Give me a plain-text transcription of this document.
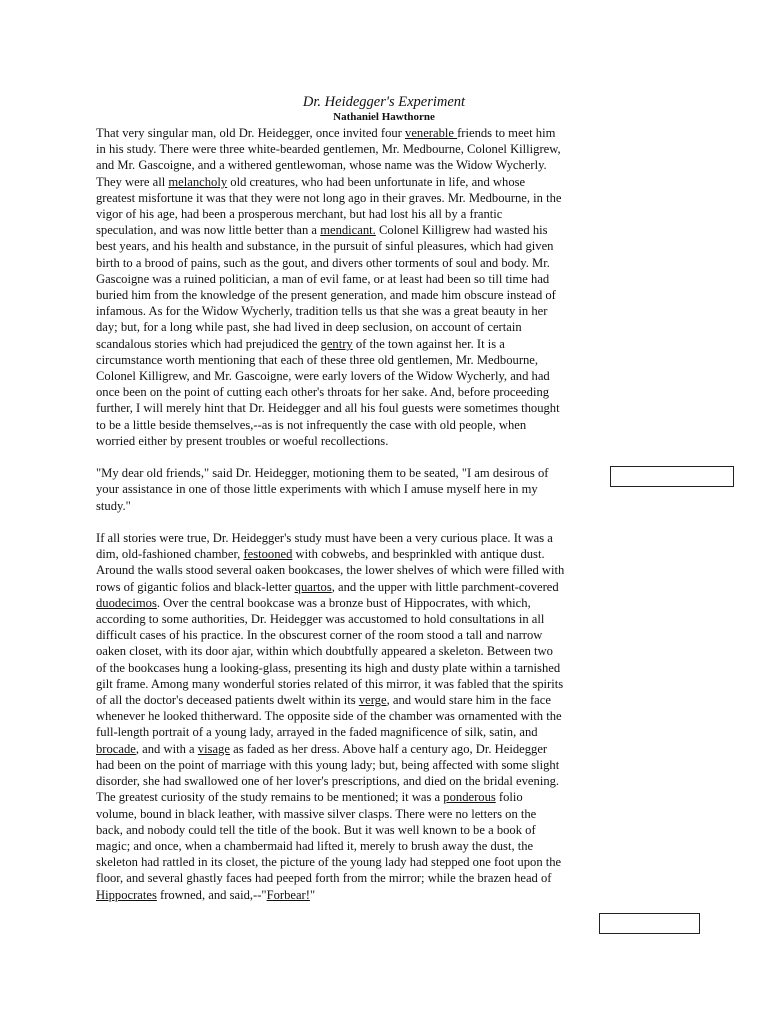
Dr. Heidegger's Experiment
Nathaniel Hawthorne
That very singular man, old Dr. Heidegger, once invited four venerable friends to meet him
in his study. There were three white-bearded gentlemen, Mr. Medbourne, Colonel Killigrew,
and Mr. Gascoigne, and a withered gentlewoman, whose name was the Widow Wycherly.
They were all melancholy old creatures, who had been unfortunate in life, and whose
greatest misfortune it was that they were not long ago in their graves. Mr. Medbourne, in the
vigor of his age, had been a prosperous merchant, but had lost his all by a frantic
speculation, and was now little better than a mendicant. Colonel Killigrew had wasted his
best years, and his health and substance, in the pursuit of sinful pleasures, which had given
birth to a brood of pains, such as the gout, and divers other torments of soul and body. Mr.
Gascoigne was a ruined politician, a man of evil fame, or at least had been so till time had
buried him from the knowledge of the present generation, and made him obscure instead of
infamous. As for the Widow Wycherly, tradition tells us that she was a great beauty in her
day; but, for a long while past, she had lived in deep seclusion, on account of certain
scandalous stories which had prejudiced the gentry of the town against her. It is a
circumstance worth mentioning that each of these three old gentlemen, Mr. Medbourne,
Colonel Killigrew, and Mr. Gascoigne, were early lovers of the Widow Wycherly, and had
once been on the point of cutting each other's throats for her sake. And, before proceeding
further, I will merely hint that Dr. Heidegger and all his foul guests were sometimes thought
to be a little beside themselves,--as is not infrequently the case with old people, when
worried either by present troubles or woeful recollections.
"My dear old friends," said Dr. Heidegger, motioning them to be seated, "I am desirous of
your assistance in one of those little experiments with which I amuse myself here in my
study."
If all stories were true, Dr. Heidegger's study must have been a very curious place. It was a
dim, old-fashioned chamber, festooned with cobwebs, and besprinkled with antique dust.
Around the walls stood several oaken bookcases, the lower shelves of which were filled with
rows of gigantic folios and black-letter quartos, and the upper with little parchment-covered
duodecimos. Over the central bookcase was a bronze bust of Hippocrates, with which,
according to some authorities, Dr. Heidegger was accustomed to hold consultations in all
difficult cases of his practice. In the obscurest corner of the room stood a tall and narrow
oaken closet, with its door ajar, within which doubtfully appeared a skeleton. Between two
of the bookcases hung a looking-glass, presenting its high and dusty plate within a tarnished
gilt frame. Among many wonderful stories related of this mirror, it was fabled that the spirits
of all the doctor's deceased patients dwelt within its verge, and would stare him in the face
whenever he looked thitherward. The opposite side of the chamber was ornamented with the
full-length portrait of a young lady, arrayed in the faded magnificence of silk, satin, and
brocade, and with a visage as faded as her dress. Above half a century ago, Dr. Heidegger
had been on the point of marriage with this young lady; but, being affected with some slight
disorder, she had swallowed one of her lover's prescriptions, and died on the bridal evening.
The greatest curiosity of the study remains to be mentioned; it was a ponderous folio
volume, bound in black leather, with massive silver clasps. There were no letters on the
back, and nobody could tell the title of the book. But it was well known to be a book of
magic; and once, when a chambermaid had lifted it, merely to brush away the dust, the
skeleton had rattled in its closet, the picture of the young lady had stepped one foot upon the
floor, and several ghastly faces had peeped forth from the mirror; while the brazen head of
Hippocrates frowned, and said,--"Forbear!"
